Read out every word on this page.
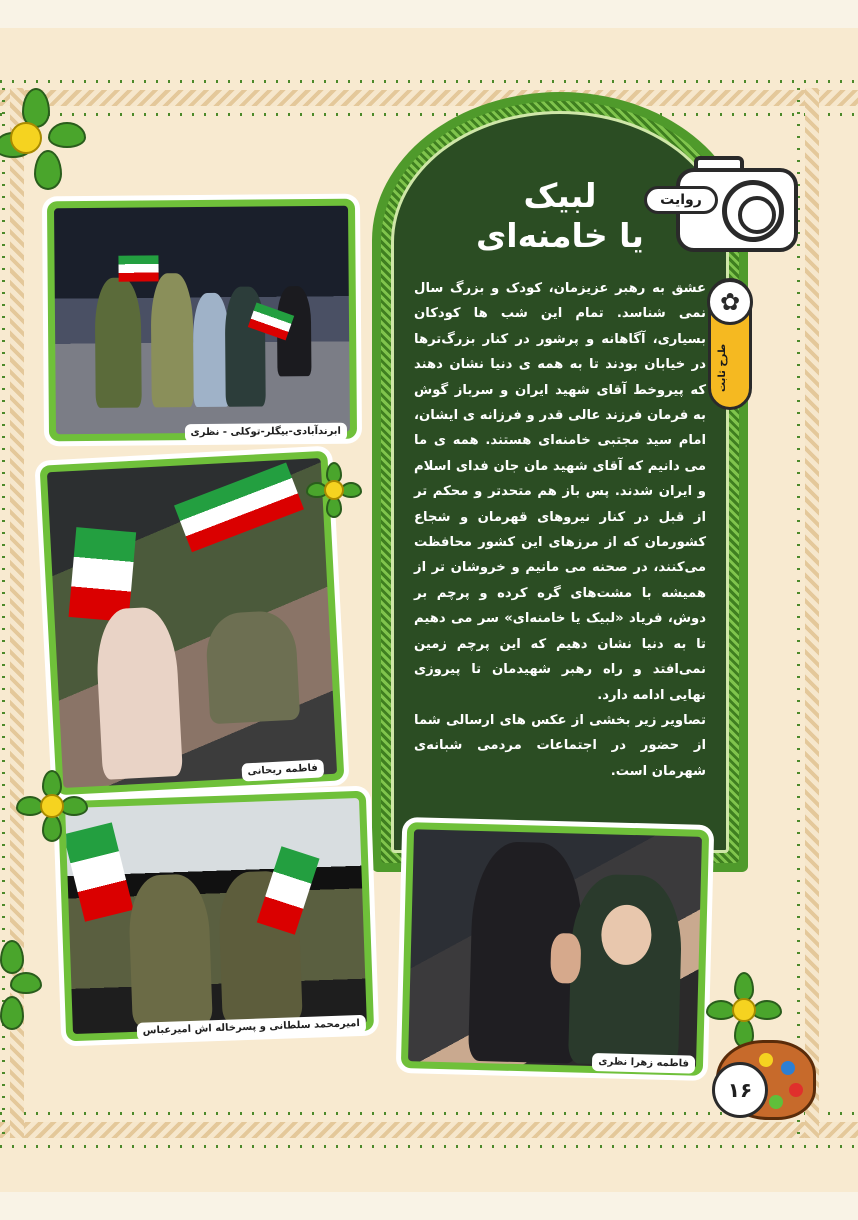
لبیک
یا خامنه‌ای

عشق به رهبر عزیزمان، کودک و بزرگ سال نمی شناسد. تمام این شب ها کودکان بسیاری، آگاهانه و پرشور در کنار بزرگ‌ترها در خیابان بودند تا به همه ی دنیا نشان دهند که پیروخط آقای شهید ایران و سرباز گوش به فرمان فرزند عالی قدر و فرزانه ی ایشان، امام سید مجتبی خامنه‌ای هستند. همه ی ما می دانیم که آقای شهید مان جان فدای اسلام و ایران شدند. پس باز هم متحدتر و محکم تر از قبل در کنار نیروهای قهرمان و شجاع کشورمان که از مرزهای این کشور محافظت می‌کنند، در صحنه می مانیم و خروشان تر از همیشه با مشت‌های گره کرده و پرچم بر دوش، فریاد «لبیک یا خامنه‌ای» سر می دهیم تا به دنیا نشان دهیم که این پرچم زمین نمی‌افتد و راه رهبر شهیدمان تا پیروزی نهایی ادامه دارد.

تصاویر زیر بخشی از عکس های ارسالی شما از حضور در اجتماعات مردمی شبانه‌ی شهرمان است.

روایت
✿
طرح ثابت
ابرندآبادی-بیگلر-توکلی - نظری
فاطمه ریحانی
امیرمحمد سلطانی و پسرخاله اش امیرعباس
فاطمه زهرا نظری
۱۶
